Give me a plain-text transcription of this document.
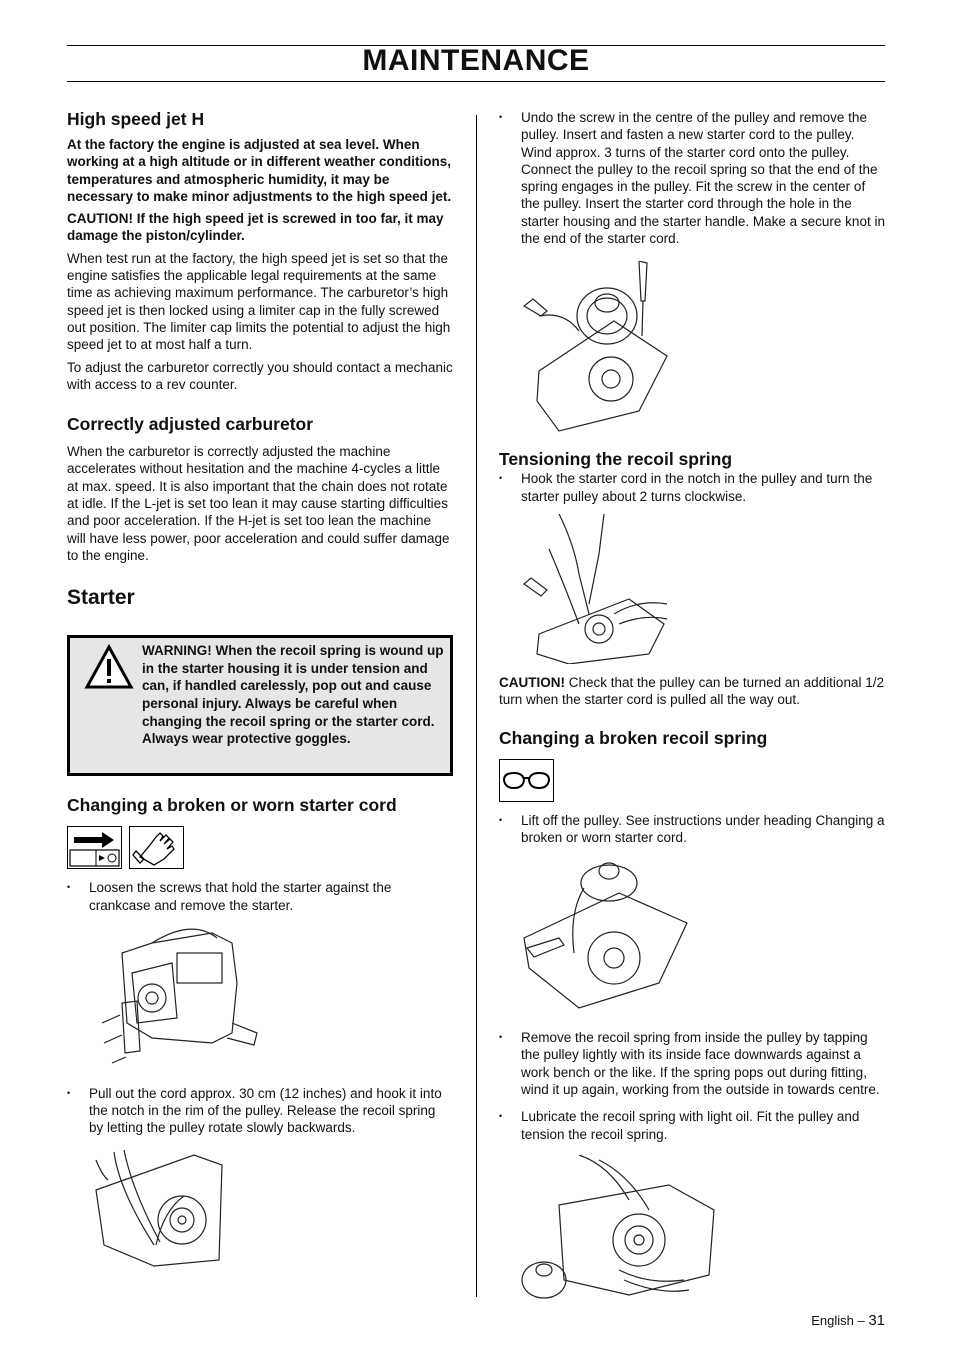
MAINTENANCE
High speed jet H

At the factory the engine is adjusted at sea level. When working at a high altitude or in different weather conditions, temperatures and atmospheric humidity, it may be necessary to make minor adjustments to the high speed jet.

CAUTION! If the high speed jet is screwed in too far, it may damage the piston/cylinder.

When test run at the factory, the high speed jet is set so that the engine satisfies the applicable legal requirements at the same time as achieving maximum performance. The carburetor’s high speed jet is then locked using a limiter cap in the fully screwed out position. The limiter cap limits the potential to adjust the high speed jet to at most half a turn.

To adjust the carburetor correctly you should contact a mechanic with access to a rev counter.

Correctly adjusted carburetor

When the carburetor is correctly adjusted the machine accelerates without hesitation and the machine 4-cycles a little at max. speed. It is also important that the chain does not rotate at idle. If the L-jet is set too lean it may cause starting difficulties and poor acceleration. If the H-jet is set too lean the machine will have less power, poor acceleration and could suffer damage to the engine.

Starter
WARNING! When the recoil spring is wound up in the starter housing it is under tension and can, if handled carelessly, pop out and cause personal injury. Always be careful when changing the recoil spring or the starter cord. Always wear protective goggles.
Changing a broken or worn starter cord

• Loosen the screws that hold the starter against the crankcase and remove the starter.
• Pull out the cord approx. 30 cm (12 inches) and hook it into the notch in the rim of the pulley. Release the recoil spring by letting the pulley rotate slowly backwards.
• Undo the screw in the centre of the pulley and remove the pulley. Insert and fasten a new starter cord to the pulley. Wind approx. 3 turns of the starter cord onto the pulley. Connect the pulley to the recoil spring so that the end of the spring engages in the pulley. Fit the screw in the center of the pulley. Insert the starter cord through the hole in the starter housing and the starter handle. Make a secure knot in the end of the starter cord.
Tensioning the recoil spring
• Hook the starter cord in the notch in the pulley and turn the starter pulley about 2 turns clockwise.

CAUTION! Check that the pulley can be turned an additional 1/2 turn when the starter cord is pulled all the way out.

Changing a broken recoil spring
• Lift off the pulley. See instructions under heading Changing a broken or worn starter cord.
• Remove the recoil spring from inside the pulley by tapping the pulley lightly with its inside face downwards against a work bench or the like. If the spring pops out during fitting, wind it up again, working from the outside in towards centre.
• Lubricate the recoil spring with light oil. Fit the pulley and tension the recoil spring.
English – 31
